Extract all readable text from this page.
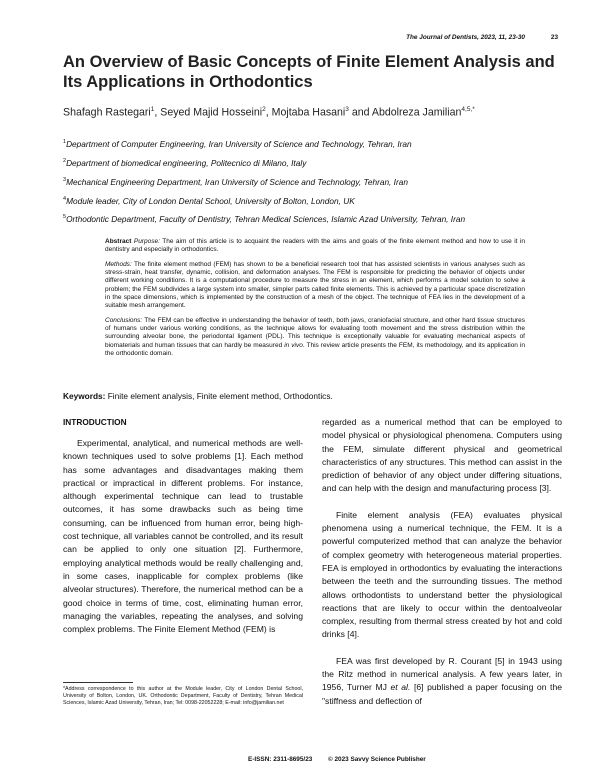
The Journal of Dentists, 2023, 11, 23-30	23
An Overview of Basic Concepts of Finite Element Analysis and Its Applications in Orthodontics
Shafagh Rastegari$^1$, Seyed Majid Hosseini$^2$, Mojtaba Hasani$^3$ and Abdolreza Jamilian$^{4,5,*}$
$^1$Department of Computer Engineering, Iran University of Science and Technology, Tehran, Iran
$^2$Department of biomedical engineering, Politecnico di Milano, Italy
$^3$Mechanical Engineering Department, Iran University of Science and Technology, Tehran, Iran
$^4$Module leader, City of London Dental School, University of Bolton, London, UK
$^5$Orthodontic Department, Faculty of Dentistry, Tehran Medical Sciences, Islamic Azad University, Tehran, Iran

Abstract Purpose: The aim of this article is to acquaint the readers with the aims and goals of the finite element method and how to use it in dentistry and especially in orthodontics.

Methods: The finite element method (FEM) has shown to be a beneficial research tool that has assisted scientists in various analyses such as stress-strain, heat transfer, dynamic, collision, and deformation analyses. The FEM is responsible for predicting the behavior of objects under different working conditions. It is a computational procedure to measure the stress in an element, which performs a model solution to solve a problem; the FEM subdivides a large system into smaller, simpler parts called finite elements. This is achieved by a particular space discretization in the space dimensions, which is implemented by the construction of a mesh of the object. The technique of FEA lies in the development of a suitable mesh arrangement.

Conclusions: The FEM can be effective in understanding the behavior of teeth, both jaws, craniofacial structure, and other hard tissue structures of humans under various working conditions, as the technique allows for evaluating tooth movement and the stress distribution within the surrounding alveolar bone, the periodontal ligament (PDL). This technique is exceptionally valuable for evaluating mechanical aspects of biomaterials and human tissues that can hardly be measured in vivo. This review article presents the FEM, its methodology, and its application in the orthodontic domain.

Keywords: Finite element analysis, Finite element method, Orthodontics.
INTRODUCTION

Experimental, analytical, and numerical methods are well-known techniques used to solve problems [1]. Each method has some advantages and disadvantages making them practical or impractical in different problems. For instance, although experimental technique can lead to trustable outcomes, it has some drawbacks such as being time consuming, can be influenced from human error, being high-cost technique, all variables cannot be controlled, and its result can be applied to only one situation [2]. Furthermore, employing analytical methods would be really challenging and, in some cases, inapplicable for complex problems (like alveolar structures). Therefore, the numerical method can be a good choice in terms of time, cost, eliminating human error, managing the variables, repeating the analyses, and solving complex problems. The Finite Element Method (FEM) is

regarded as a numerical method that can be employed to model physical or physiological phenomena. Computers using the FEM, simulate different physical and geometrical characteristics of any structures. This method can assist in the prediction of behavior of any object under differing situations, and can help with the design and manufacturing process [3].

Finite element analysis (FEA) evaluates physical phenomena using a numerical technique, the FEM. It is a powerful computerized method that can analyze the behavior of complex geometry with heterogeneous material properties. FEA is employed in orthodontics by evaluating the interactions between the teeth and the surrounding tissues. The method allows orthodontists to understand better the physiological reactions that are likely to occur within the dentoalveolar complex, resulting from thermal stress created by hot and cold drinks [4].

FEA was first developed by R. Courant [5] in 1943 using the Ritz method in numerical analysis. A few years later, in 1956, Turner MJ et al. [6] published a paper focusing on the "stiffness and deflection of

*Address correspondence to this author at the Module leader, City of London Dental School, University of Bolton, London, UK. Orthodontic Department, Faculty of Dentistry, Tehran Medical Sciences, Islamic Azad University, Tehran, Iran; Tel: 0098-22052228; E-mail: info@jamilian.net
E-ISSN: 2311-8695/23 © 2023 Savvy Science Publisher
